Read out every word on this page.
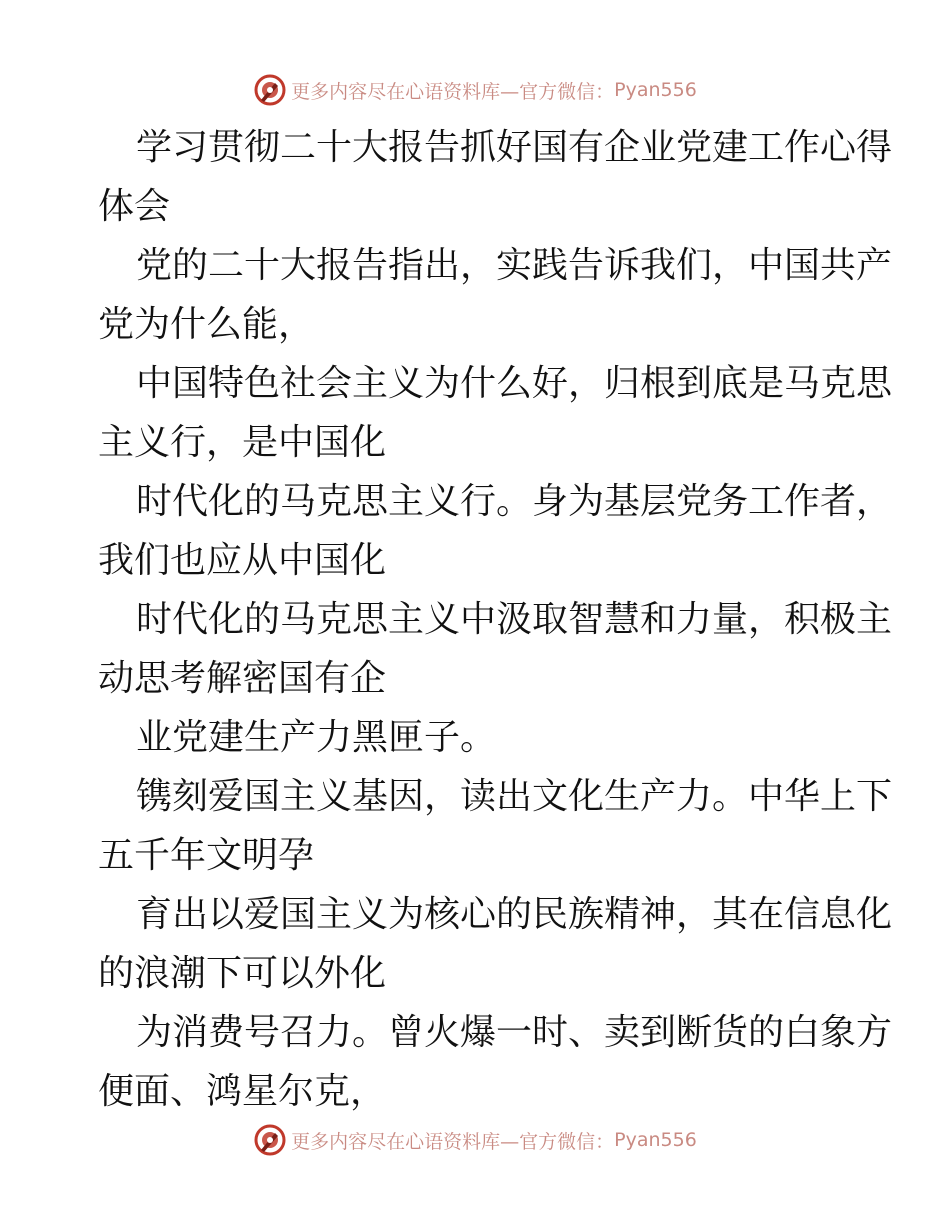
更多内容尽在心语资料库—官方微信： Pyan556

学习贯彻二十大报告抓好国有企业党建工作心得
体会

党的二十大报告指出，实践告诉我们，中国共产
党为什么能，

中国特色社会主义为什么好，归根到底是马克思
主义行，是中国化

时代化的马克思主义行。身为基层党务工作者，
我们也应从中国化

时代化的马克思主义中汲取智慧和力量，积极主
动思考解密国有企

业党建生产力黑匣子。

镌刻爱国主义基因，读出文化生产力。中华上下
五千年文明孕

育出以爱国主义为核心的民族精神，其在信息化
的浪潮下可以外化

为消费号召力。曾火爆一时、卖到断货的白象方
便面、鸿星尔克，

更多内容尽在心语资料库—官方微信： Pyan556
